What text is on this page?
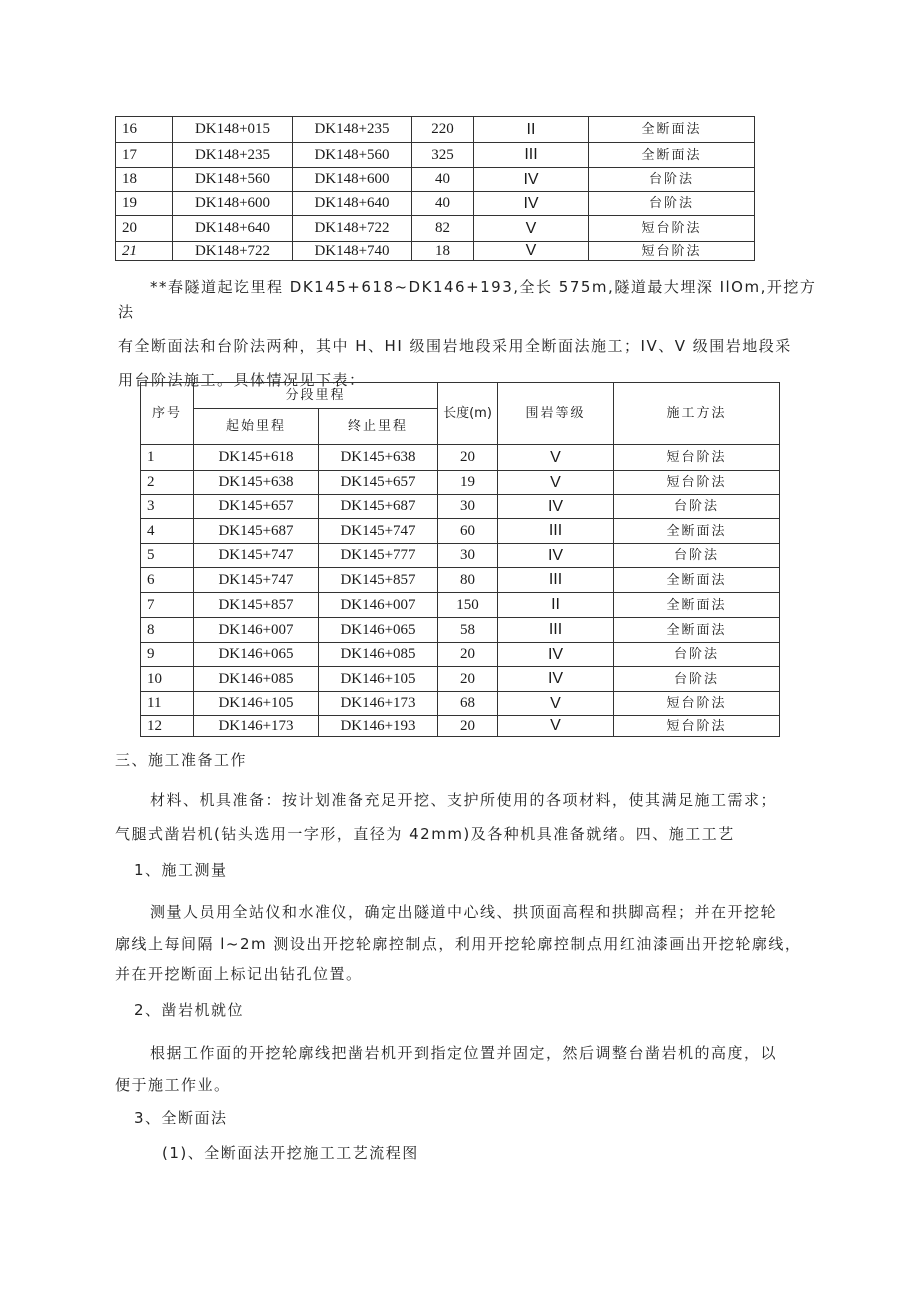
16	DK148+015	DK148+235	220	II	全断面法
17	DK148+235	DK148+560	325	III	全断面法
18	DK148+560	DK148+600	40	IV	台阶法
19	DK148+600	DK148+640	40	IV	台阶法
20	DK148+640	DK148+722	82	V	短台阶法
21	DK148+722	DK148+740	18	V	短台阶法
**春隧道起讫里程 DK145+618~DK146+193,全长 575m,隧道最大埋深 IlOm,开挖方法
有全断面法和台阶法两种，其中 H、HI 级围岩地段采用全断面法施工；IV、V 级围岩地段采
用台阶法施工。具体情况见下表：
序号	分段里程		长度(m)	围岩等级	施工方法
	起始里程	终止里程			
1	DK145+618	DK145+638	20	V	短台阶法
2	DK145+638	DK145+657	19	V	短台阶法
3	DK145+657	DK145+687	30	IV	台阶法
4	DK145+687	DK145+747	60	III	全断面法
5	DK145+747	DK145+777	30	IV	台阶法
6	DK145+747	DK145+857	80	III	全断面法
7	DK145+857	DK146+007	150	II	全断面法
8	DK146+007	DK146+065	58	III	全断面法
9	DK146+065	DK146+085	20	IV	台阶法
10	DK146+085	DK146+105	20	IV	台阶法
11	DK146+105	DK146+173	68	V	短台阶法
12	DK146+173	DK146+193	20	V	短台阶法
三、施工准备工作
材料、机具准备：按计划准备充足开挖、支护所使用的各项材料，使其满足施工需求；
气腿式凿岩机(钻头选用一字形，直径为 42mm)及各种机具准备就绪。四、施工工艺
1、施工测量
测量人员用全站仪和水准仪，确定出隧道中心线、拱顶面高程和拱脚高程；并在开挖轮
廓线上每间隔 l~2m 测设出开挖轮廓控制点，利用开挖轮廓控制点用红油漆画出开挖轮廓线，
并在开挖断面上标记出钻孔位置。
2、凿岩机就位
根据工作面的开挖轮廓线把凿岩机开到指定位置并固定，然后调整台凿岩机的高度，以
便于施工作业。
3、全断面法
(1)、全断面法开挖施工工艺流程图
